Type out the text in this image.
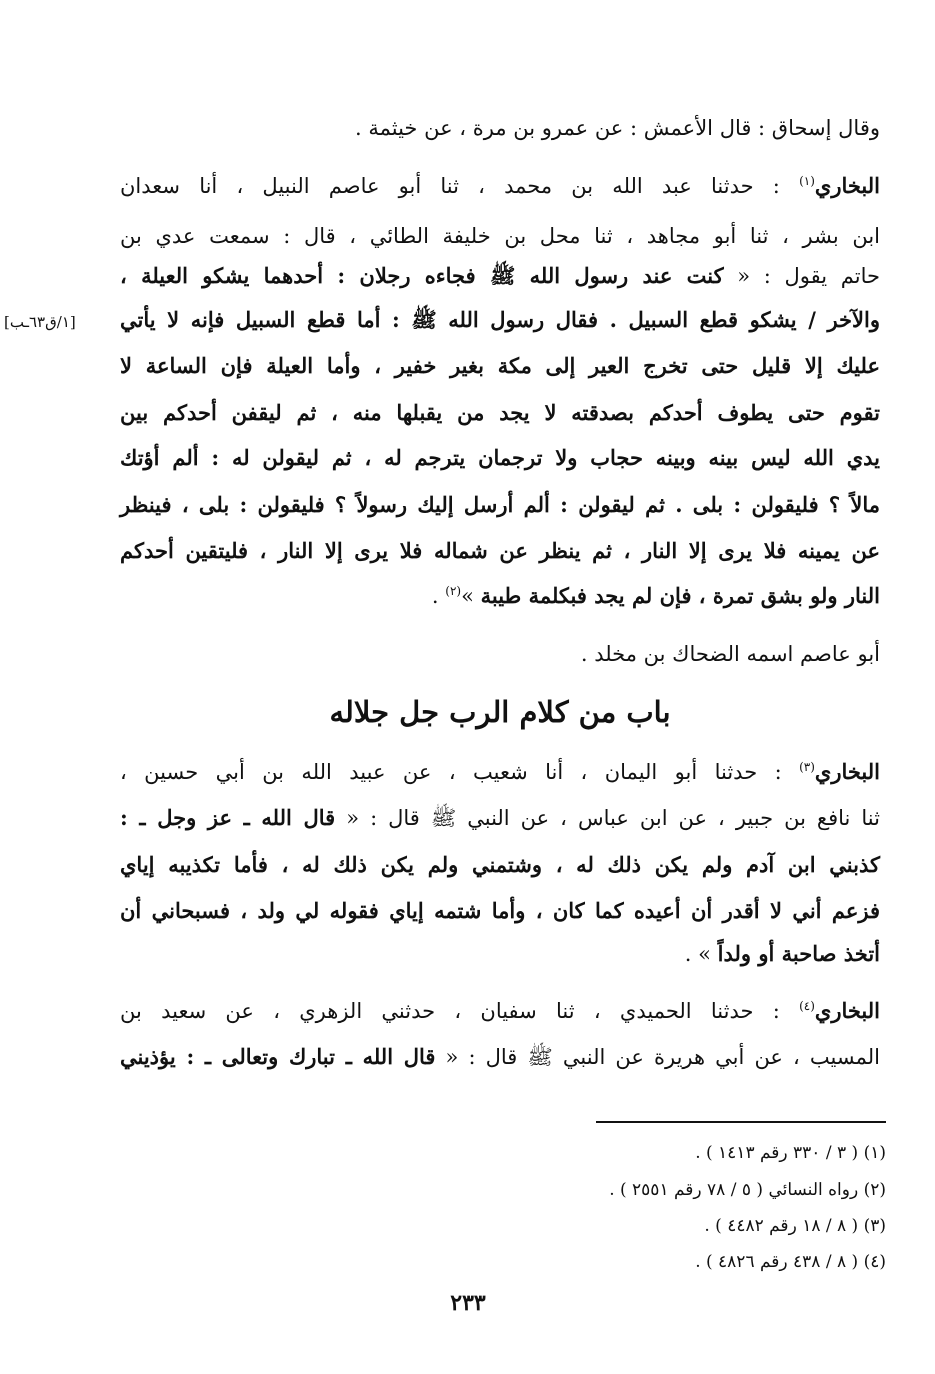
وقال إسحاق : قال الأعمش : عن عمرو بن مرة ، عن خيثمة .
البخاري$^{(١)}$ : حدثنا عبد الله بن محمد ، ثنا أبو عاصم النبيل ، أنا سعدان
ابن بشر ، ثنا أبو مجاهد ، ثنا محل بن خليفة الطائي ، قال : سمعت عدي بن
حاتم يقول : « كنت عند رسول الله ﷺ فجاءه رجلان : أحدهما يشكو العيلة ،
والآخر / يشكو قطع السبيل . فقال رسول الله ﷺ : أما قطع السبيل فإنه لا يأتي
عليك إلا قليل حتى تخرج العير إلى مكة بغير خفير ، وأما العيلة فإن الساعة لا
تقوم حتى يطوف أحدكم بصدقته لا يجد من يقبلها منه ، ثم ليقفن أحدكم بين
يدي الله ليس بينه وبينه حجاب ولا ترجمان يترجم له ، ثم ليقولن له : ألم أؤتك
مالاً ؟ فليقولن : بلى . ثم ليقولن : ألم أرسل إليك رسولاً ؟ فليقولن : بلى ، فينظر
عن يمينه فلا يرى إلا النار ، ثم ينظر عن شماله فلا يرى إلا النار ، فليتقين أحدكم
النار ولو بشق تمرة ، فإن لم يجد فبكلمة طيبة »$^{(٢)}$ .
أبو عاصم اسمه الضحاك بن مخلد .
باب من كلام الرب جل جلاله
البخاري$^{(٣)}$ : حدثنا أبو اليمان ، أنا شعيب ، عن عبيد الله بن أبي حسين ،
ثنا نافع بن جبير ، عن ابن عباس ، عن النبي ﷺ قال : « قال الله ـ عز وجل ـ :
كذبني ابن آدم ولم يكن ذلك له ، وشتمني ولم يكن ذلك له ، فأما تكذيبه إياي
فزعم أني لا أقدر أن أعيده كما كان ، وأما شتمه إياي فقوله لي ولد ، فسبحاني أن
أتخذ صاحبة أو ولداً » .
البخاري$^{(٤)}$ : حدثنا الحميدي ، ثنا سفيان ، حدثني الزهري ، عن سعيد بن
المسيب ، عن أبي هريرة عن النبي ﷺ قال : « قال الله ـ تبارك وتعالى ـ : يؤذيني
[١/ق٦٣ـب]
(١) ( ٣ / ٣٣٠ رقم ١٤١٣ ) .
(٢) رواه النسائي ( ٥ / ٧٨ رقم ٢٥٥١ ) .
(٣) ( ٨ / ١٨ رقم ٤٤٨٢ ) .
(٤) ( ٨ / ٤٣٨ رقم ٤٨٢٦ ) .
٢٣٣
